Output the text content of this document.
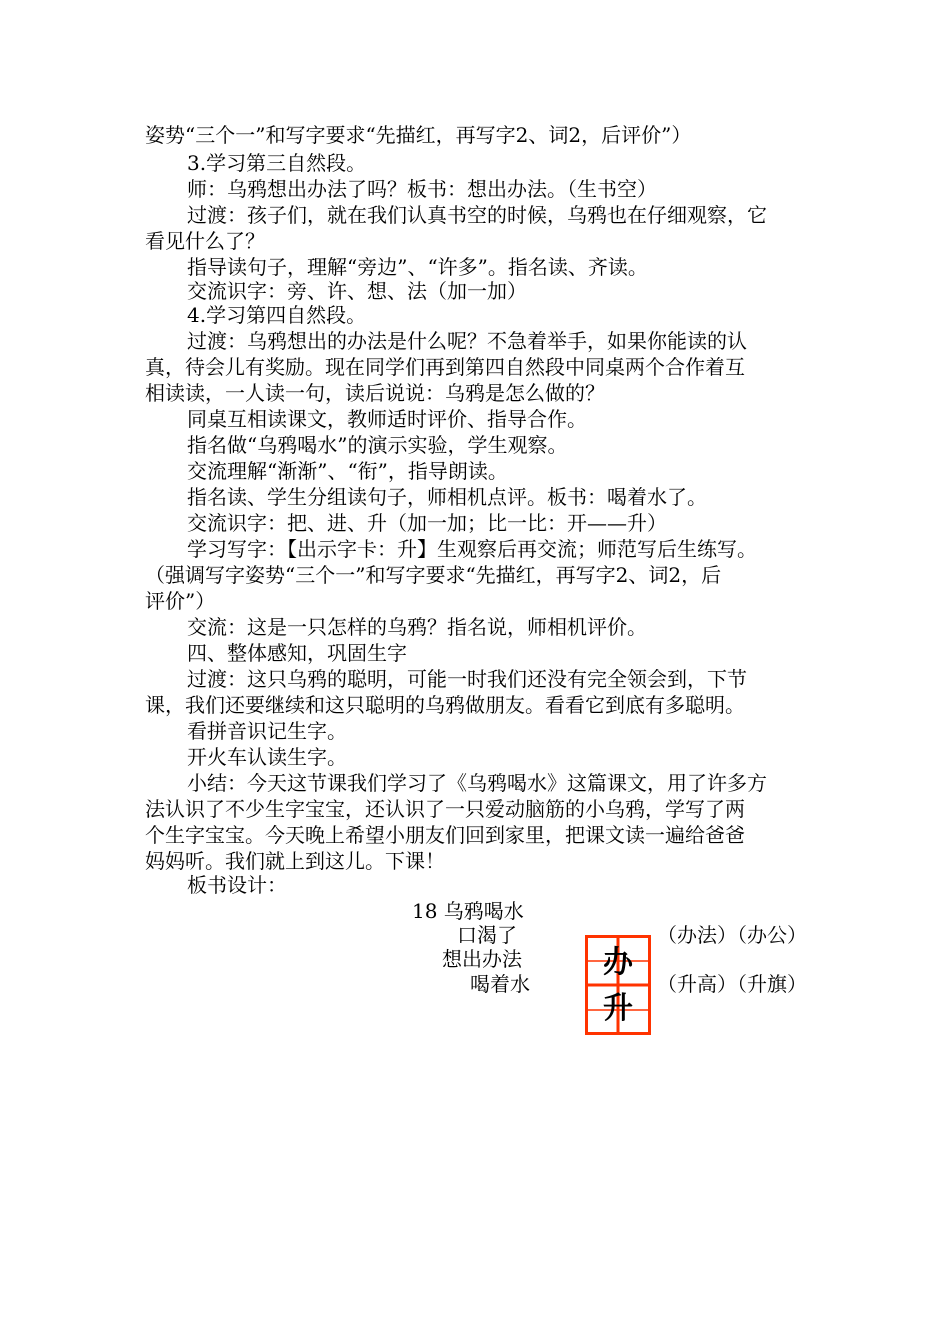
姿势“三个一”和写字要求“先描红，再写字2、词2，后评价”）
3.学习第三自然段。
师：乌鸦想出办法了吗？板书：想出办法。（生书空）
过渡：孩子们，就在我们认真书空的时候，乌鸦也在仔细观察，它
看见什么了？
指导读句子，理解“旁边”、“许多”。指名读、齐读。
交流识字：旁、许、想、法（加一加）
4.学习第四自然段。
过渡：乌鸦想出的办法是什么呢？不急着举手，如果你能读的认
真，待会儿有奖励。现在同学们再到第四自然段中同桌两个合作着互
相读读，一人读一句，读后说说：乌鸦是怎么做的？
同桌互相读课文，教师适时评价、指导合作。
指名做“乌鸦喝水”的演示实验，学生观察。
交流理解“渐渐”、“衔”，指导朗读。
指名读、学生分组读句子，师相机点评。板书：喝着水了。
交流识字：把、进、升（加一加；比一比：开——升）
学习写字：【出示字卡：升】生观察后再交流；师范写后生练写。
（强调写字姿势“三个一”和写字要求“先描红，再写字2、词2，后
评价”）
交流：这是一只怎样的乌鸦？指名说，师相机评价。
四、整体感知，巩固生字
过渡：这只乌鸦的聪明，可能一时我们还没有完全领会到，下节
课，我们还要继续和这只聪明的乌鸦做朋友。看看它到底有多聪明。
看拼音识记生字。
开火车认读生字。
小结：今天这节课我们学习了《乌鸦喝水》这篇课文，用了许多方
法认识了不少生字宝宝，还认识了一只爱动脑筋的小乌鸦，学写了两
个生字宝宝。今天晚上希望小朋友们回到家里，把课文读一遍给爸爸
妈妈听。我们就上到这儿。下课！
板书设计：
18 乌鸦喝水
口渴了
想出办法
喝着水
（办法）（办公）
（升高）（升旗）
办
升
